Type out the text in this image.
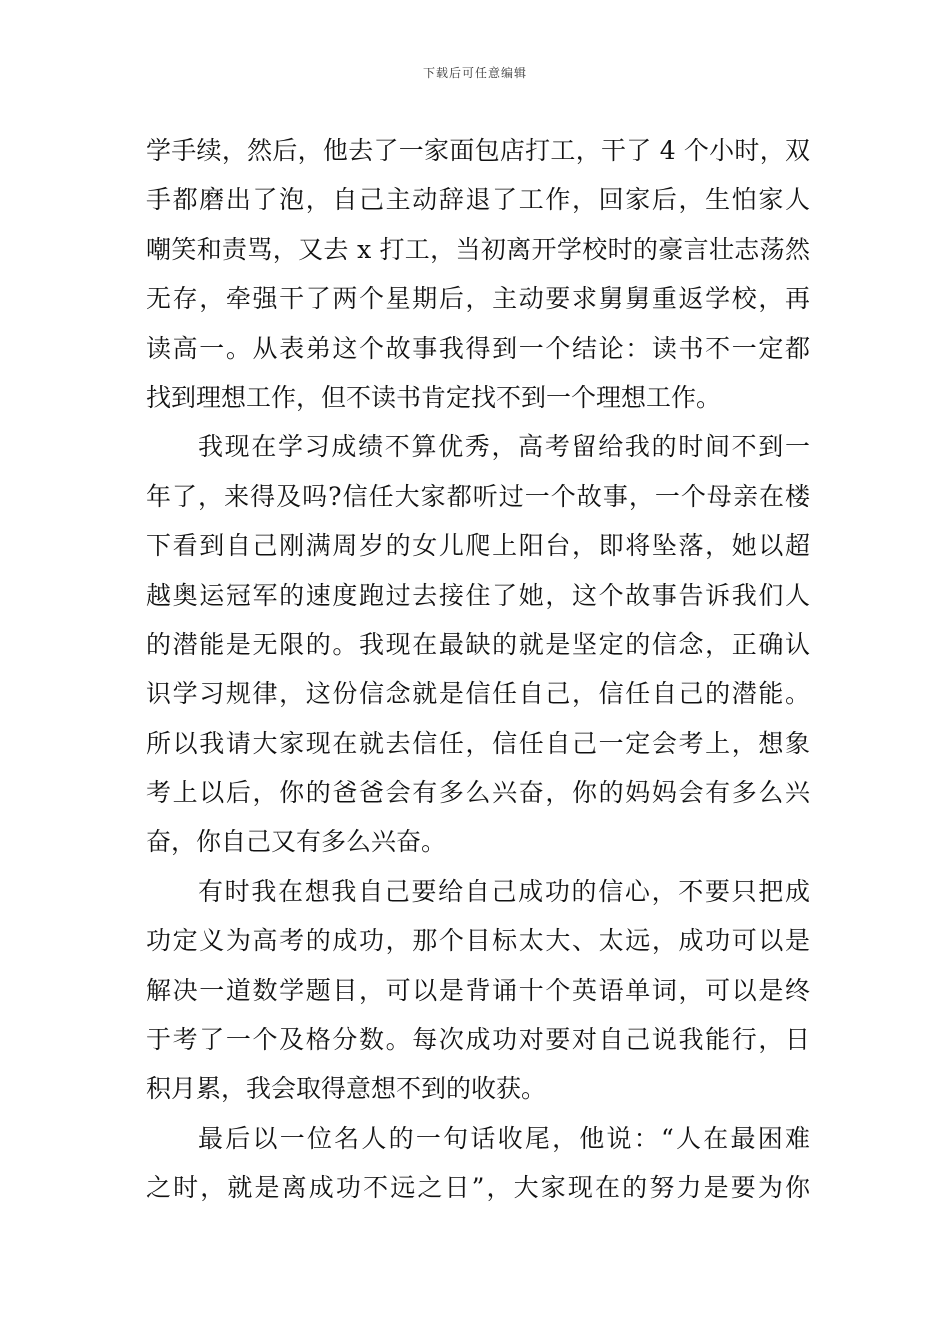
下载后可任意编辑
学手续，然后，他去了一家面包店打工，干了 4 个小时，双
手都磨出了泡，自己主动辞退了工作，回家后，生怕家人
嘲笑和责骂，又去 x 打工，当初离开学校时的豪言壮志荡然
无存，牵强干了两个星期后，主动要求舅舅重返学校，再
读高一。从表弟这个故事我得到一个结论：读书不一定都
找到理想工作，但不读书肯定找不到一个理想工作。
我现在学习成绩不算优秀，高考留给我的时间不到一
年了，来得及吗?信任大家都听过一个故事，一个母亲在楼
下看到自己刚满周岁的女儿爬上阳台，即将坠落，她以超
越奥运冠军的速度跑过去接住了她，这个故事告诉我们人
的潜能是无限的。我现在最缺的就是坚定的信念，正确认
识学习规律，这份信念就是信任自己，信任自己的潜能。
所以我请大家现在就去信任，信任自己一定会考上，想象
考上以后，你的爸爸会有多么兴奋，你的妈妈会有多么兴
奋，你自己又有多么兴奋。
有时我在想我自己要给自己成功的信心，不要只把成
功定义为高考的成功，那个目标太大、太远，成功可以是
解决一道数学题目，可以是背诵十个英语单词，可以是终
于考了一个及格分数。每次成功对要对自己说我能行，日
积月累，我会取得意想不到的收获。
最后以一位名人的一句话收尾，他说：“人在最困难
之时，就是离成功不远之日”，大家现在的努力是要为你
